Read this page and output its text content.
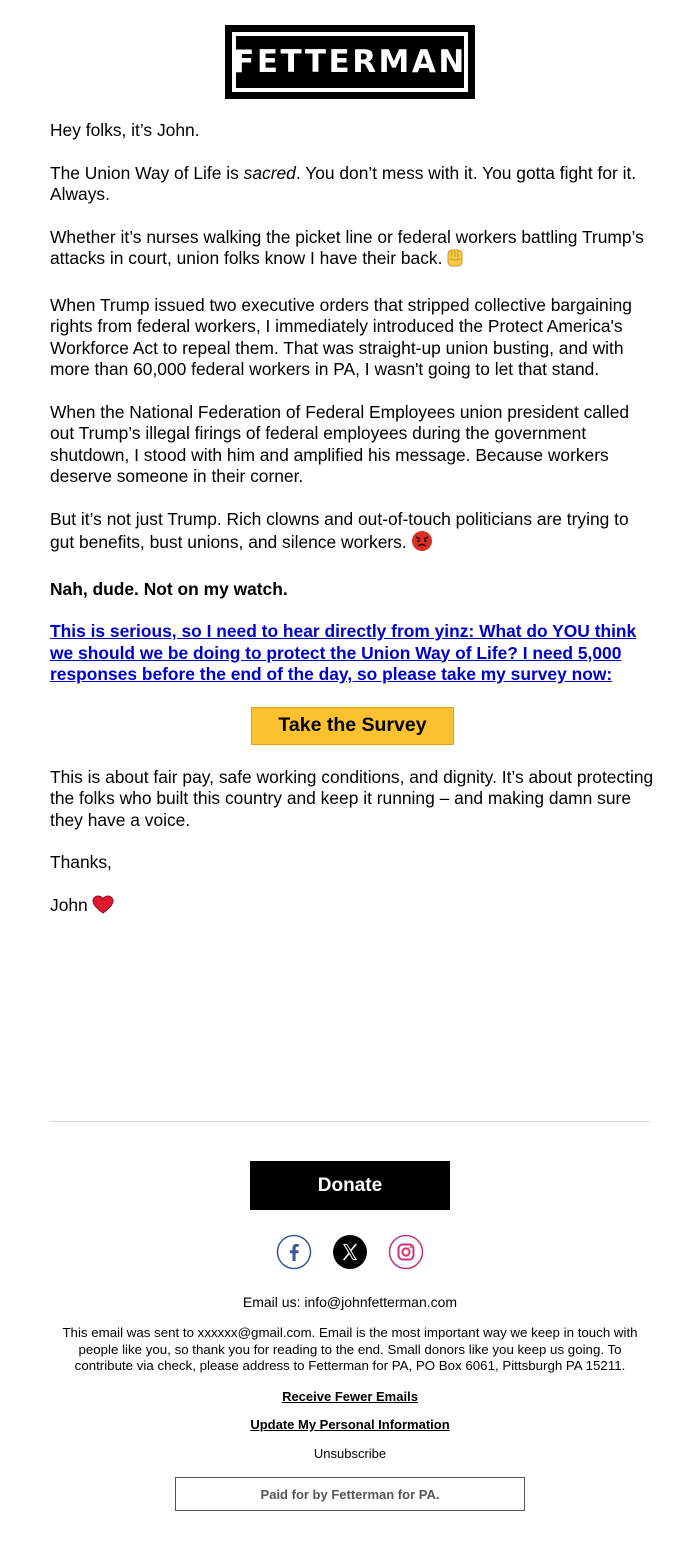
FETTERMAN

Hey folks, it’s John.

The Union Way of Life is sacred. You don’t mess with it. You gotta fight for it. Always.

Whether it’s nurses walking the picket line or federal workers battling Trump’s attacks in court, union folks know I have their back.

When Trump issued two executive orders that stripped collective bargaining rights from federal workers, I immediately introduced the Protect America's Workforce Act to repeal them. That was straight-up union busting, and with more than 60,000 federal workers in PA, I wasn't going to let that stand.

When the National Federation of Federal Employees union president called out Trump’s illegal firings of federal employees during the government shutdown, I stood with him and amplified his message. Because workers deserve someone in their corner.

But it’s not just Trump. Rich clowns and out-of-touch politicians are trying to gut benefits, bust unions, and silence workers.

Nah, dude. Not on my watch.

This is serious, so I need to hear directly from yinz: What do YOU think we should we be doing to protect the Union Way of Life? I need 5,000 responses before the end of the day, so please take my survey now:

Take the Survey

This is about fair pay, safe working conditions, and dignity. It’s about protecting the folks who built this country and keep it running – and making damn sure they have a voice.

Thanks,

John

Donate
Email us: info@johnfetterman.com
This email was sent to xxxxxx@gmail.com. Email is the most important way we keep in touch with people like you, so thank you for reading to the end. Small donors like you keep us going. To contribute via check, please address to Fetterman for PA, PO Box 6061, Pittsburgh PA 15211.
Receive Fewer Emails
Update My Personal Information
Unsubscribe
Paid for by Fetterman for PA.
